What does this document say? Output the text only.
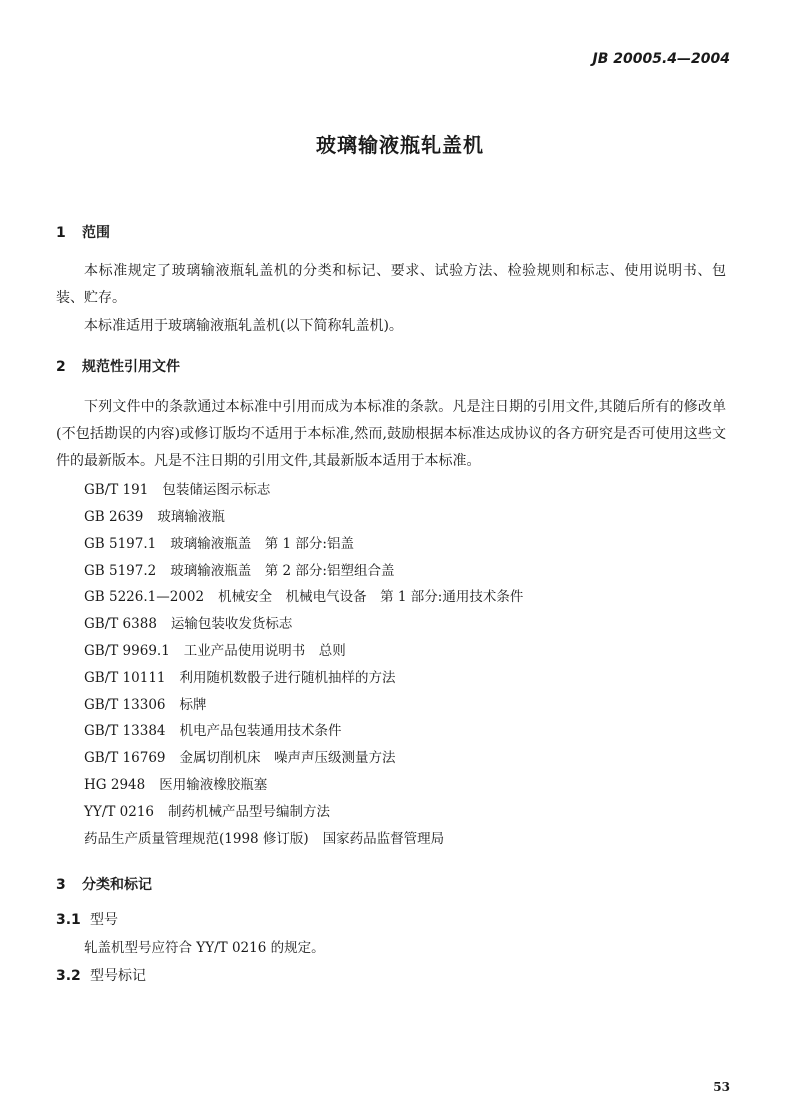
JB 20005.4—2004
玻璃输液瓶轧盖机
1 范围

本标准规定了玻璃输液瓶轧盖机的分类和标记、要求、试验方法、检验规则和标志、使用说明书、包装、贮存。

本标准适用于玻璃输液瓶轧盖机(以下简称轧盖机)。

2 规范性引用文件

下列文件中的条款通过本标准中引用而成为本标准的条款。凡是注日期的引用文件,其随后所有的修改单(不包括勘误的内容)或修订版均不适用于本标准,然而,鼓励根据本标准达成协议的各方研究是否可使用这些文件的最新版本。凡是不注日期的引用文件,其最新版本适用于本标准。

GB/T 191 包装储运图示标志
GB 2639 玻璃输液瓶
GB 5197.1 玻璃输液瓶盖　第 1 部分:铝盖
GB 5197.2 玻璃输液瓶盖　第 2 部分:铝塑组合盖
GB 5226.1—2002 机械安全　机械电气设备　第 1 部分:通用技术条件
GB/T 6388 运输包装收发货标志
GB/T 9969.1 工业产品使用说明书　总则
GB/T 10111 利用随机数骰子进行随机抽样的方法
GB/T 13306 标牌
GB/T 13384 机电产品包装通用技术条件
GB/T 16769 金属切削机床　噪声声压级测量方法
HG 2948 医用输液橡胶瓶塞
YY/T 0216 制药机械产品型号编制方法
药品生产质量管理规范(1998 修订版) 国家药品监督管理局
3 分类和标记
3.1 型号
轧盖机型号应符合 YY/T 0216 的规定。
3.2 型号标记
53
